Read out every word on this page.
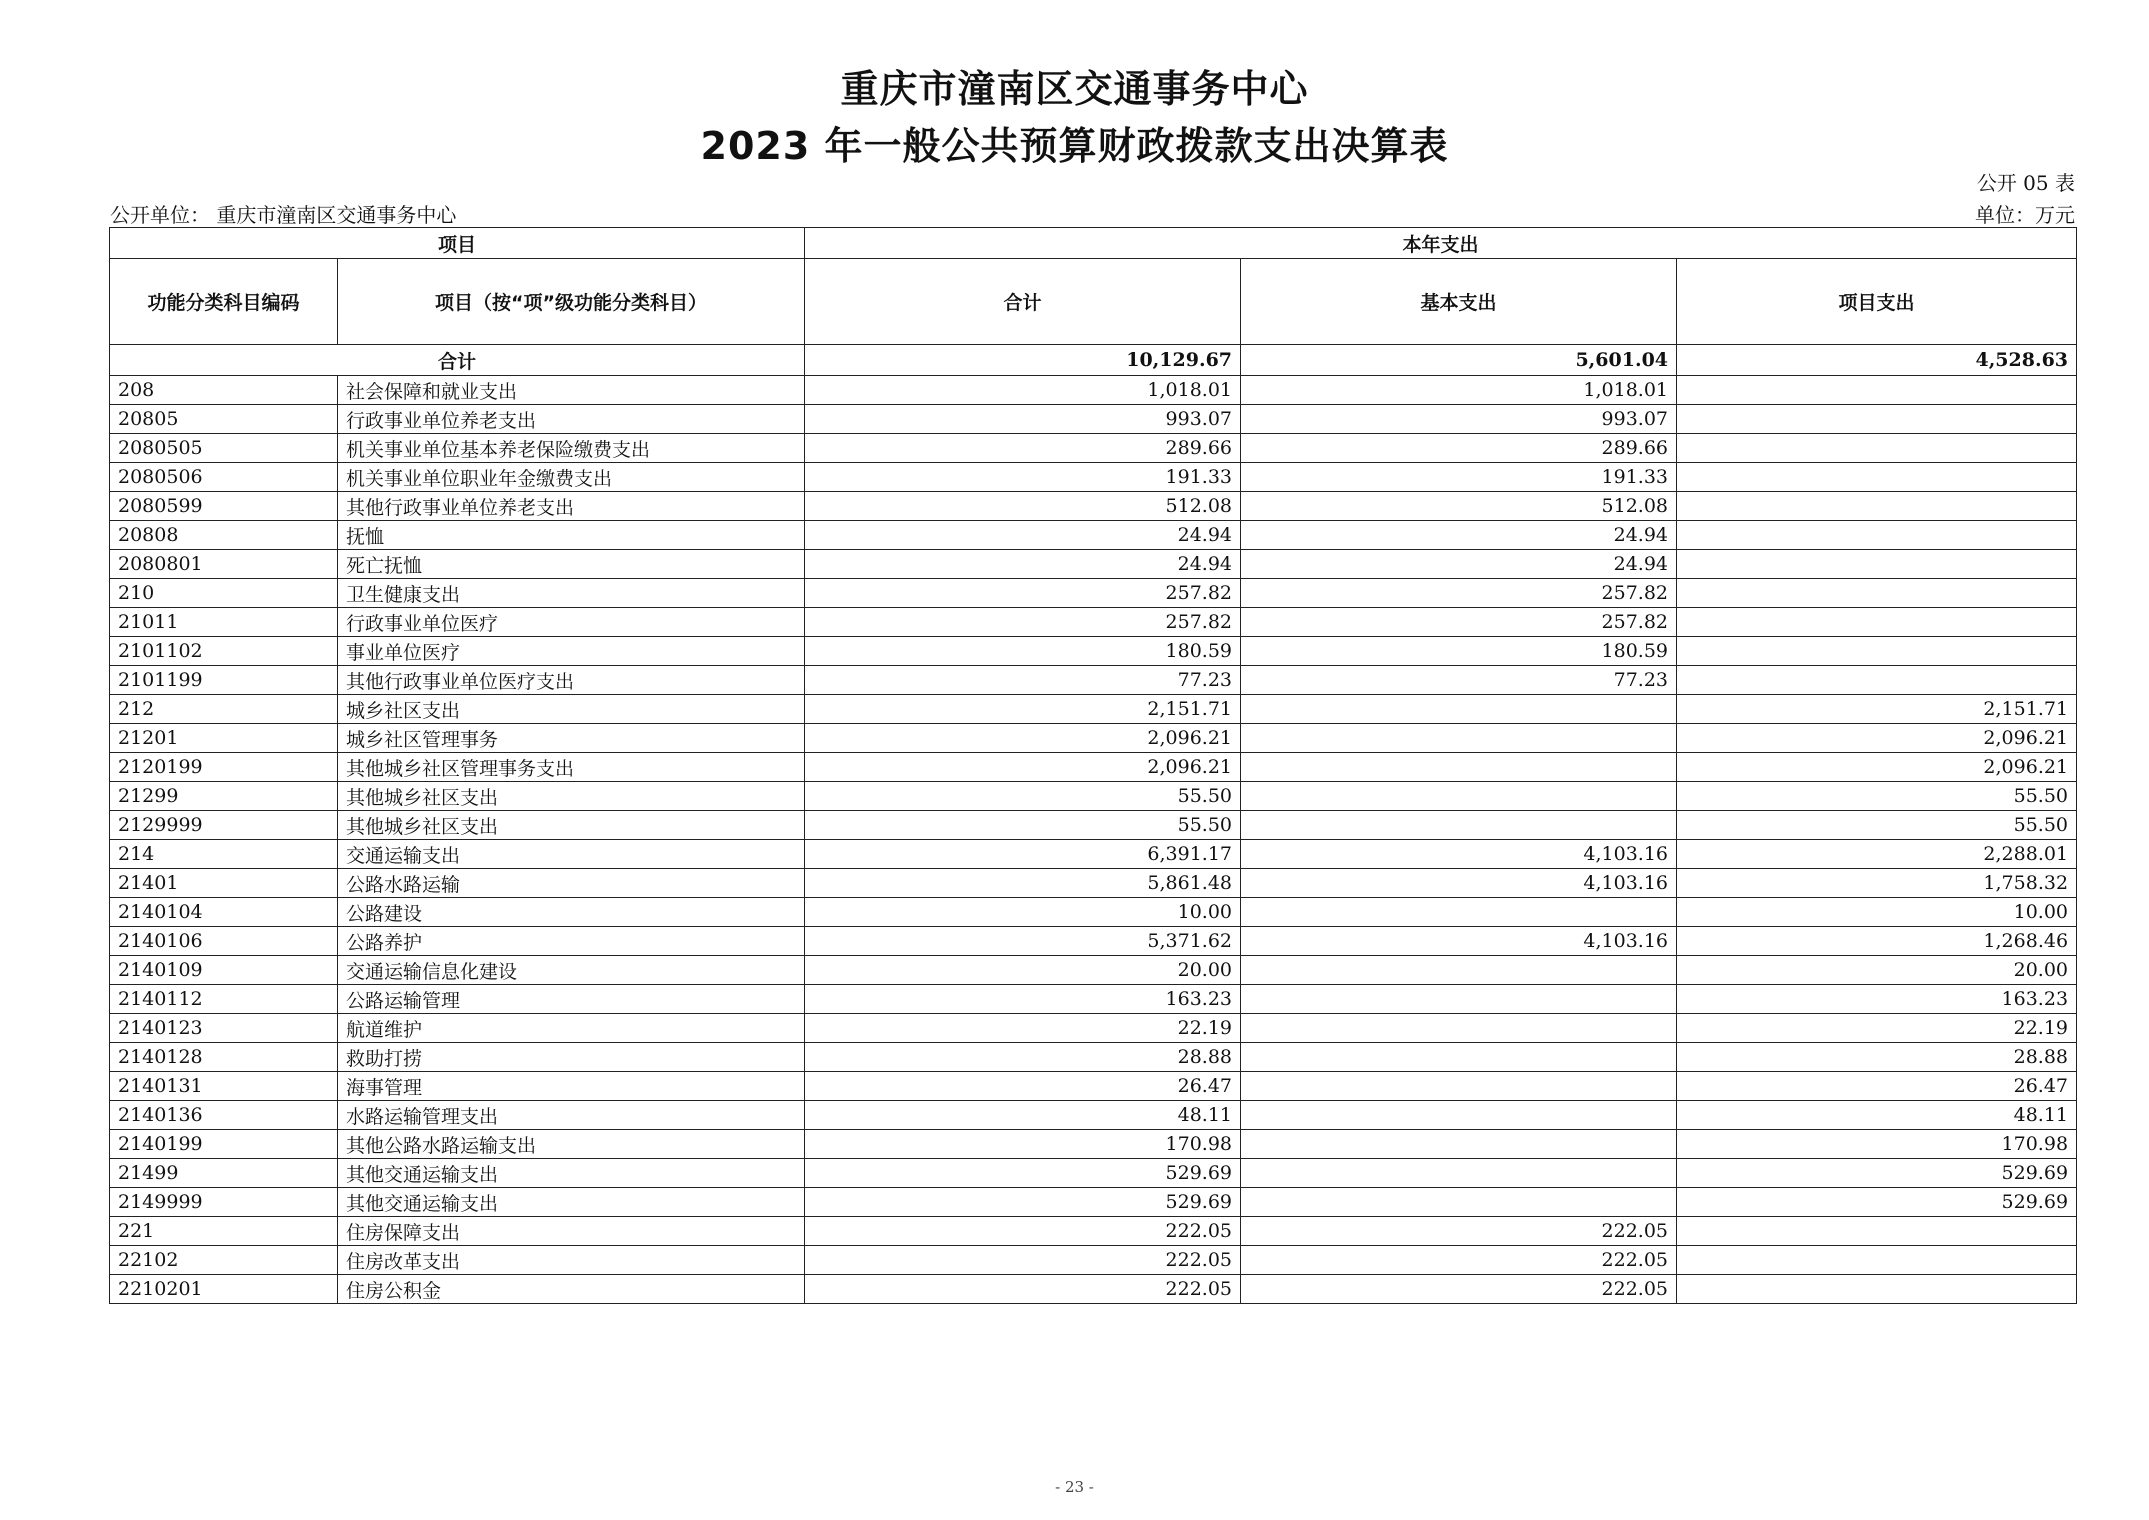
重庆市潼南区交通事务中心
2023 年一般公共预算财政拨款支出决算表
公开 05 表
公开单位： 重庆市潼南区交通事务中心	单位：万元
项目		本年支出		
功能分类科目编码	项目（按“项”级功能分类科目）	合计	基本支出	项目支出
合计		10,129.67	5,601.04	4,528.63
208	社会保障和就业支出	1,018.01	1,018.01	
20805	行政事业单位养老支出	993.07	993.07	
2080505	机关事业单位基本养老保险缴费支出	289.66	289.66	
2080506	机关事业单位职业年金缴费支出	191.33	191.33	
2080599	其他行政事业单位养老支出	512.08	512.08	
20808	抚恤	24.94	24.94	
2080801	死亡抚恤	24.94	24.94	
210	卫生健康支出	257.82	257.82	
21011	行政事业单位医疗	257.82	257.82	
2101102	事业单位医疗	180.59	180.59	
2101199	其他行政事业单位医疗支出	77.23	77.23	
212	城乡社区支出	2,151.71		2,151.71
21201	城乡社区管理事务	2,096.21		2,096.21
2120199	其他城乡社区管理事务支出	2,096.21		2,096.21
21299	其他城乡社区支出	55.50		55.50
2129999	其他城乡社区支出	55.50		55.50
214	交通运输支出	6,391.17	4,103.16	2,288.01
21401	公路水路运输	5,861.48	4,103.16	1,758.32
2140104	公路建设	10.00		10.00
2140106	公路养护	5,371.62	4,103.16	1,268.46
2140109	交通运输信息化建设	20.00		20.00
2140112	公路运输管理	163.23		163.23
2140123	航道维护	22.19		22.19
2140128	救助打捞	28.88		28.88
2140131	海事管理	26.47		26.47
2140136	水路运输管理支出	48.11		48.11
2140199	其他公路水路运输支出	170.98		170.98
21499	其他交通运输支出	529.69		529.69
2149999	其他交通运输支出	529.69		529.69
221	住房保障支出	222.05	222.05	
22102	住房改革支出	222.05	222.05	
2210201	住房公积金	222.05	222.05	
- 23 -
